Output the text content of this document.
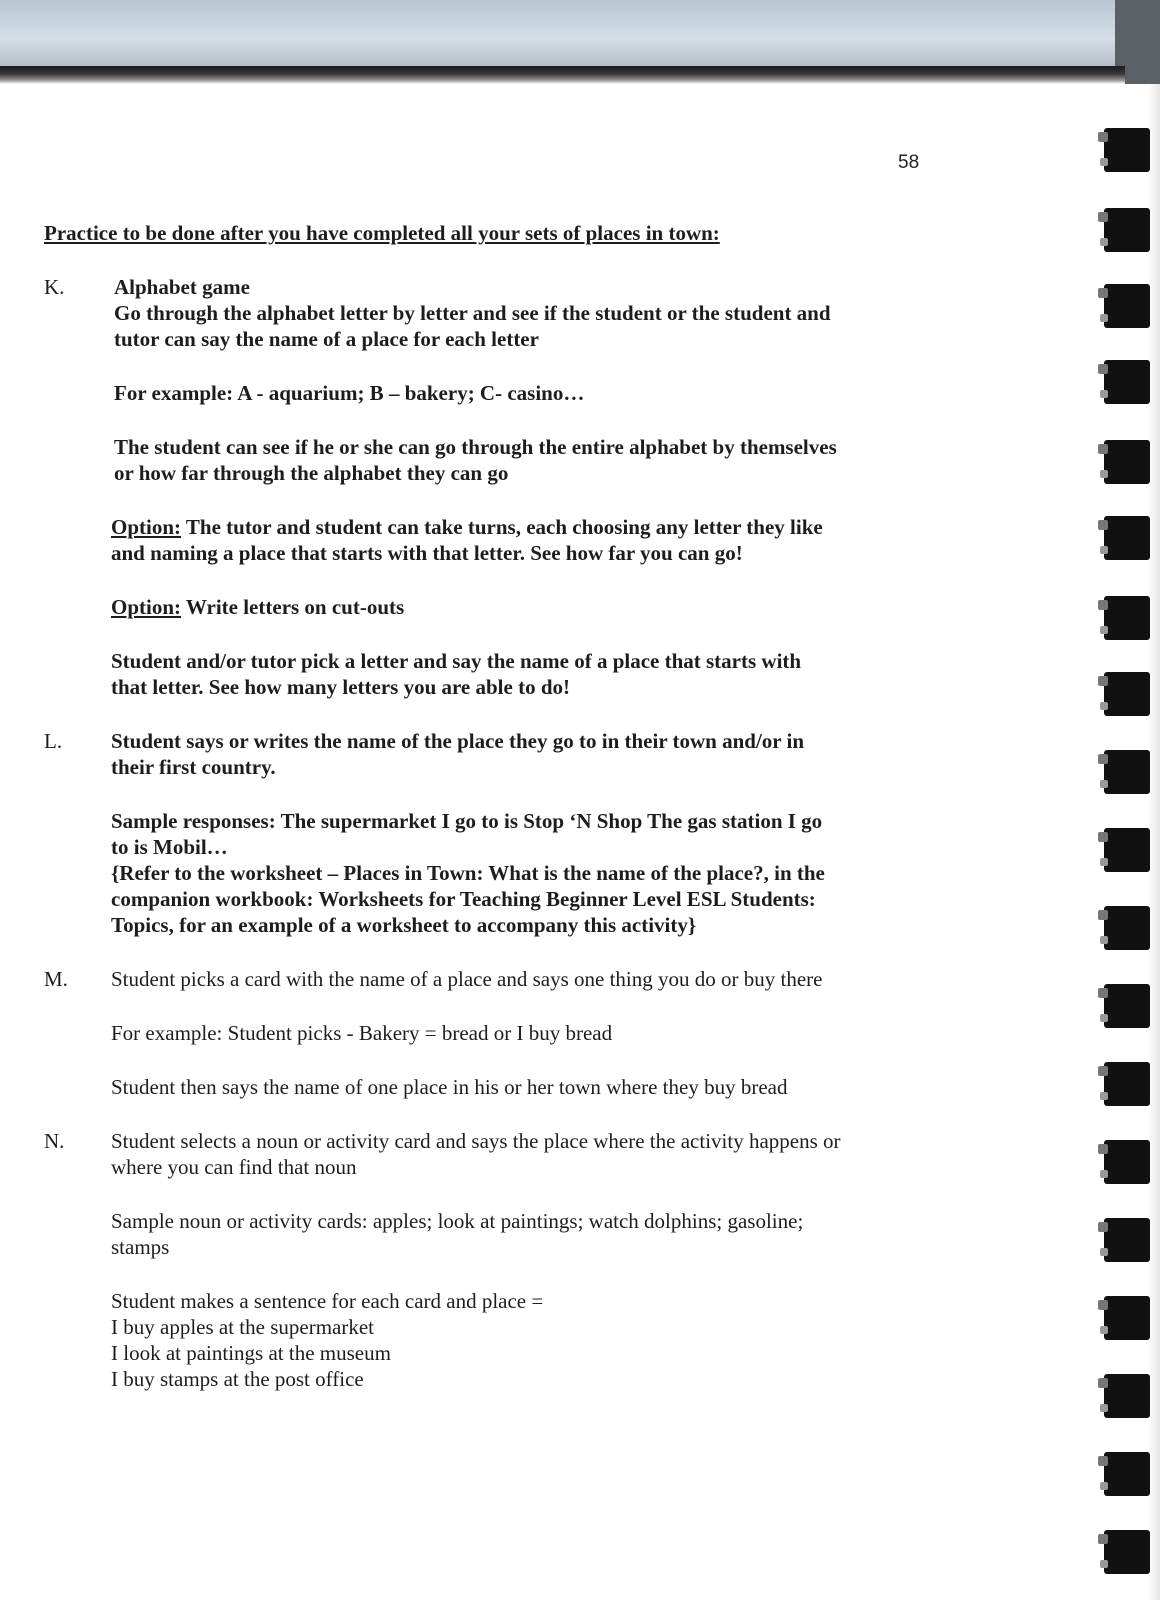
58
Practice to be done after you have completed all your sets of places in town:
K. Alphabet game
Go through the alphabet letter by letter and see if the student or the student and
tutor can say the name of a place for each letter
For example: A - aquarium; B – bakery; C- casino…
The student can see if he or she can go through the entire alphabet by themselves
or how far through the alphabet they can go
Option: The tutor and student can take turns, each choosing any letter they like
and naming a place that starts with that letter. See how far you can go!
Option: Write letters on cut-outs
Student and/or tutor pick a letter and say the name of a place that starts with
that letter. See how many letters you are able to do!
L. Student says or writes the name of the place they go to in their town and/or in
their first country.
Sample responses: The supermarket I go to is Stop ‘N Shop The gas station I go
to is Mobil…
{Refer to the worksheet – Places in Town: What is the name of the place?, in the
companion workbook: Worksheets for Teaching Beginner Level ESL Students:
Topics, for an example of a worksheet to accompany this activity}
M. Student picks a card with the name of a place and says one thing you do or buy there
For example: Student picks - Bakery = bread or I buy bread
Student then says the name of one place in his or her town where they buy bread
N. Student selects a noun or activity card and says the place where the activity happens or
where you can find that noun
Sample noun or activity cards: apples; look at paintings; watch dolphins; gasoline;
stamps
Student makes a sentence for each card and place =
I buy apples at the supermarket
I look at paintings at the museum
I buy stamps at the post office
